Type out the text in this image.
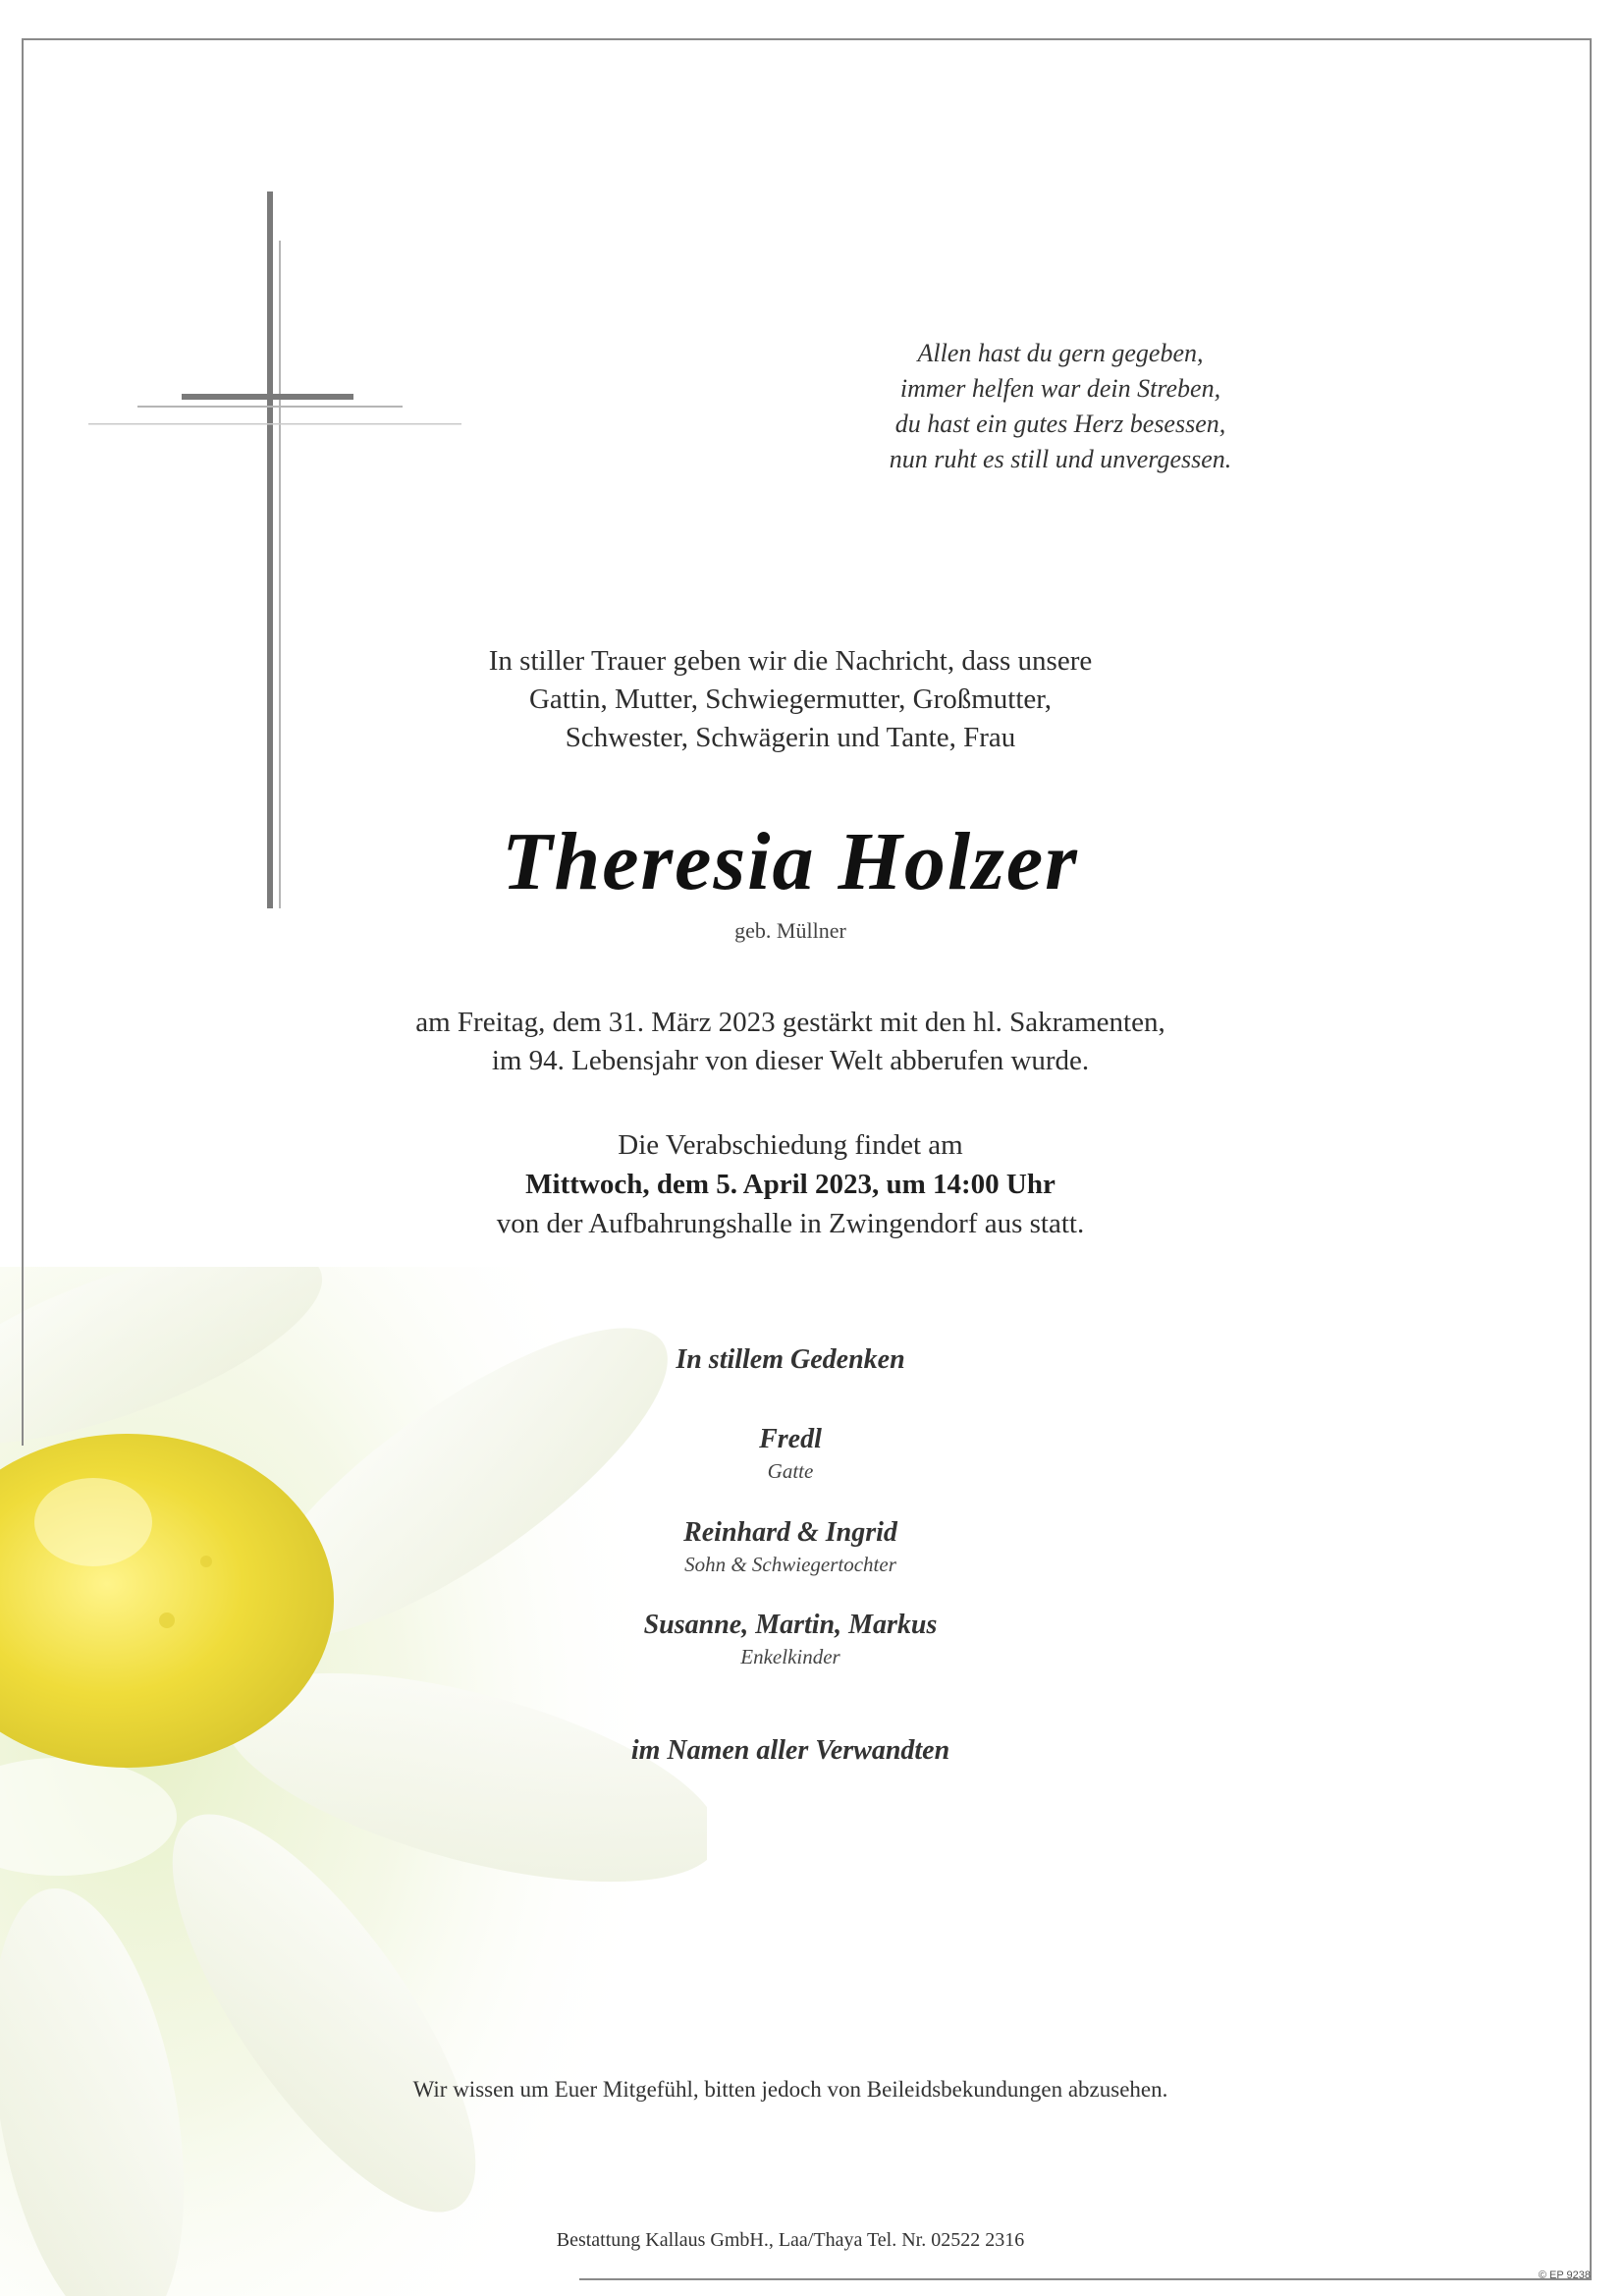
Allen hast du gern gegeben,
immer helfen war dein Streben,
du hast ein gutes Herz besessen,
nun ruht es still und unvergessen.
In stiller Trauer geben wir die Nachricht, dass unsere
Gattin, Mutter, Schwiegermutter, Großmutter,
Schwester, Schwägerin und Tante, Frau
Theresia Holzer
geb. Müllner
am Freitag, dem 31. März 2023 gestärkt mit den hl. Sakramenten,
im 94. Lebensjahr von dieser Welt abberufen wurde.
Die Verabschiedung findet am
Mittwoch, dem 5. April 2023, um 14:00 Uhr
von der Aufbahrungshalle in Zwingendorf aus statt.
In stillem Gedenken
Fredl
Gatte
Reinhard & Ingrid
Sohn & Schwiegertochter
Susanne, Martin, Markus
Enkelkinder
im Namen aller Verwandten
Wir wissen um Euer Mitgefühl, bitten jedoch von Beileidsbekundungen abzusehen.
Bestattung Kallaus GmbH., Laa/Thaya Tel. Nr. 02522 2316
© EP 9238
